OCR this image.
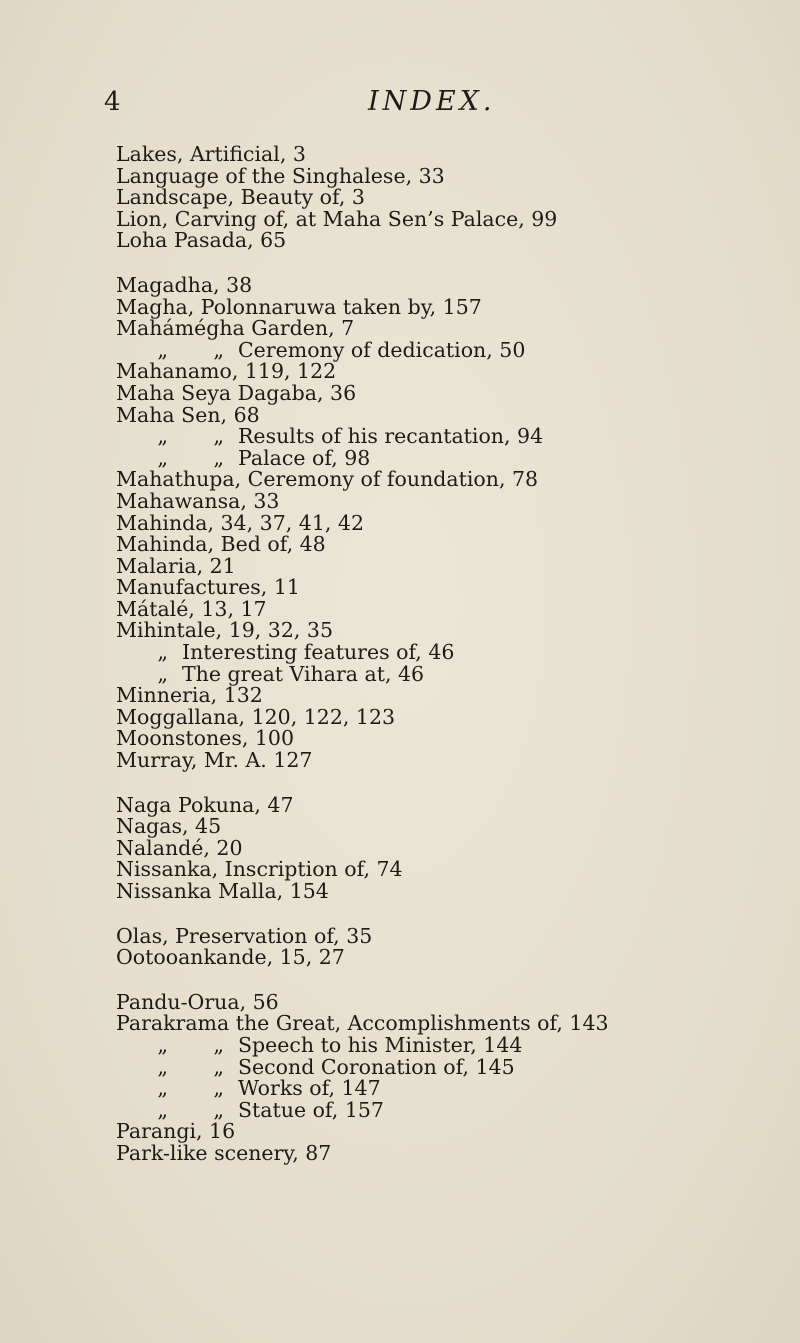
4	INDEX.
Lakes, Artificial, 3
Language of the Singhalese, 33
Landscape, Beauty of, 3
Lion, Carving of, at Maha Sen’s Palace, 99
Loha Pasada, 65
Magadha, 38
Magha, Polonnaruwa taken by, 157
Mahámégha Garden, 7
„ „ Ceremony of dedication, 50
Mahanamo, 119, 122
Maha Seya Dagaba, 36
Maha Sen, 68
„ „ Results of his recantation, 94
„ „ Palace of, 98
Mahathupa, Ceremony of foundation, 78
Mahawansa, 33
Mahinda, 34, 37, 41, 42
Mahinda, Bed of, 48
Malaria, 21
Manufactures, 11
Mátalé, 13, 17
Mihintale, 19, 32, 35
„ Interesting features of, 46
„ The great Vihara at, 46
Minneria, 132
Moggallana, 120, 122, 123
Moonstones, 100
Murray, Mr. A. 127
Naga Pokuna, 47
Nagas, 45
Nalandé, 20
Nissanka, Inscription of, 74
Nissanka Malla, 154
Olas, Preservation of, 35
Ootooankande, 15, 27
Pandu-Orua, 56
Parakrama the Great, Accomplishments of, 143
„ „ Speech to his Minister, 144
„ „ Second Coronation of, 145
„ „ Works of, 147
„ „ Statue of, 157
Parangi, 16
Park-like scenery, 87
